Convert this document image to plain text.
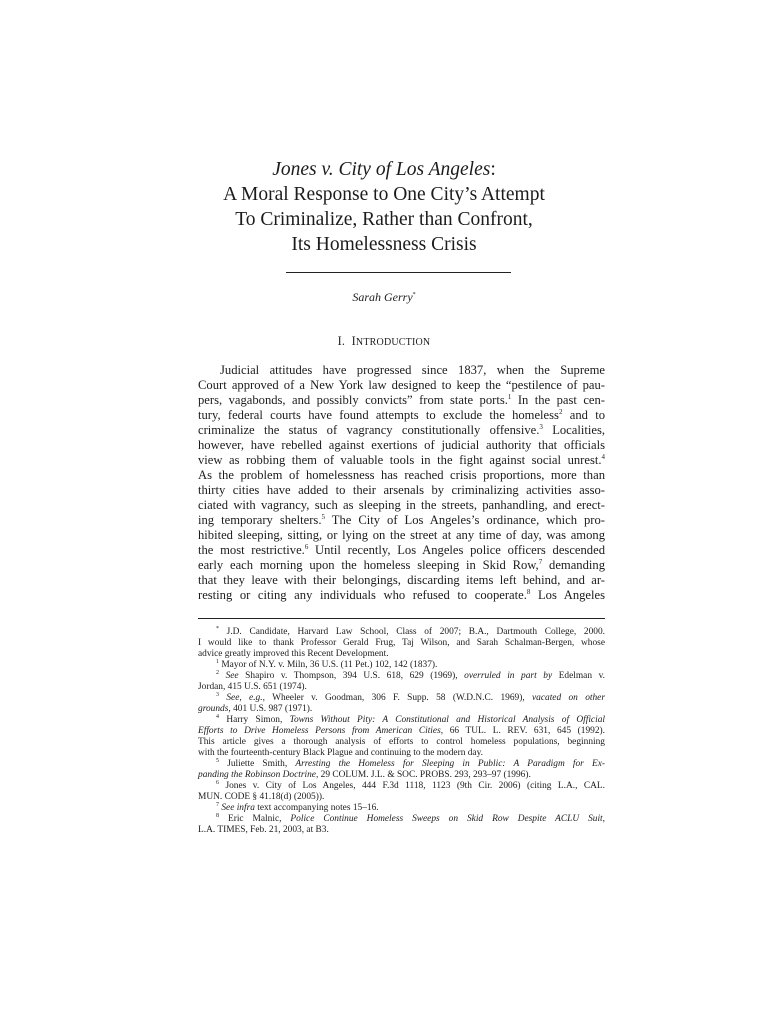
Jones v. City of Los Angeles:
A Moral Response to One City’s Attempt
To Criminalize, Rather than Confront,
Its Homelessness Crisis
Sarah Gerry*
I. INTRODUCTION
Judicial attitudes have progressed since 1837, when the Supreme
Court approved of a New York law designed to keep the “pestilence of pau-
pers, vagabonds, and possibly convicts” from state ports.$^1$ In the past cen-
tury, federal courts have found attempts to exclude the homeless$^2$ and to
criminalize the status of vagrancy constitutionally offensive.$^3$ Localities,
however, have rebelled against exertions of judicial authority that officials
view as robbing them of valuable tools in the fight against social unrest.$^4$
As the problem of homelessness has reached crisis proportions, more than
thirty cities have added to their arsenals by criminalizing activities asso-
ciated with vagrancy, such as sleeping in the streets, panhandling, and erect-
ing temporary shelters.$^5$ The City of Los Angeles’s ordinance, which pro-
hibited sleeping, sitting, or lying on the street at any time of day, was among
the most restrictive.$^6$ Until recently, Los Angeles police officers descended
early each morning upon the homeless sleeping in Skid Row,$^7$ demanding
that they leave with their belongings, discarding items left behind, and ar-
resting or citing any individuals who refused to cooperate.$^8$ Los Angeles
* J.D. Candidate, Harvard Law School, Class of 2007; B.A., Dartmouth College, 2000.
I would like to thank Professor Gerald Frug, Taj Wilson, and Sarah Schalman-Bergen, whose
advice greatly improved this Recent Development.
$^1$ Mayor of N.Y. v. Miln, 36 U.S. (11 Pet.) 102, 142 (1837).
$^2$ See Shapiro v. Thompson, 394 U.S. 618, 629 (1969), overruled in part by Edelman v.
Jordan, 415 U.S. 651 (1974).
$^3$ See, e.g., Wheeler v. Goodman, 306 F. Supp. 58 (W.D.N.C. 1969), vacated on other
grounds, 401 U.S. 987 (1971).
$^4$ Harry Simon, Towns Without Pity: A Constitutional and Historical Analysis of Official
Efforts to Drive Homeless Persons from American Cities, 66 TUL. L. REV. 631, 645 (1992).
This article gives a thorough analysis of efforts to control homeless populations, beginning
with the fourteenth-century Black Plague and continuing to the modern day.
$^5$ Juliette Smith, Arresting the Homeless for Sleeping in Public: A Paradigm for Ex-
panding the Robinson Doctrine, 29 COLUM. J.L. & SOC. PROBS. 293, 293–97 (1996).
$^6$ Jones v. City of Los Angeles, 444 F.3d 1118, 1123 (9th Cir. 2006) (citing L.A., CAL.
MUN. CODE § 41.18(d) (2005)).
$^7$ See infra text accompanying notes 15–16.
$^8$ Eric Malnic, Police Continue Homeless Sweeps on Skid Row Despite ACLU Suit,
L.A. TIMES, Feb. 21, 2003, at B3.
